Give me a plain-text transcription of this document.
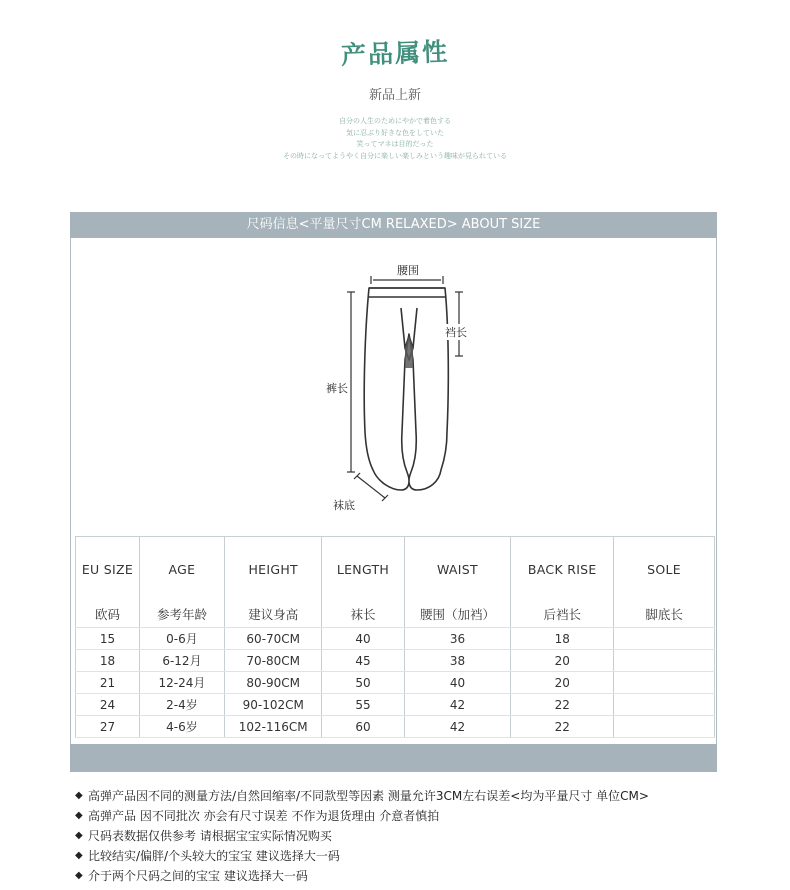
产品属性
新品上新
自分の人生のためにやかで着色する
気に忍ぶり好きな色をしていた
笑ってマネは目的だった
その時になってようやく自分に楽しい楽しみという趣味が見られている
尺码信息<平量尺寸CM RELAXED> ABOUT SIZE
腰围
裆长
裤长
袜底
EU SIZE	AGE	HEIGHT	LENGTH	WAIST	BACK RISE	SOLE
欧码	参考年龄	建议身高	袜长	腰围（加裆）	后裆长	脚底长
15	0-6月	60-70CM	40	36	18	
18	6-12月	70-80CM	45	38	20	
21	12-24月	80-90CM	50	40	20	
24	2-4岁	90-102CM	55	42	22	
27	4-6岁	102-116CM	60	42	22	
◆ 高弹产品因不同的测量方法/自然回缩率/不同款型等因素 测量允许3CM左右误差<均为平量尺寸 单位CM>
◆ 高弹产品 因不同批次 亦会有尺寸误差 不作为退货理由 介意者慎拍
◆ 尺码表数据仅供参考 请根据宝宝实际情况购买
◆ 比较结实/偏胖/个头较大的宝宝 建议选择大一码
◆ 介于两个尺码之间的宝宝 建议选择大一码
